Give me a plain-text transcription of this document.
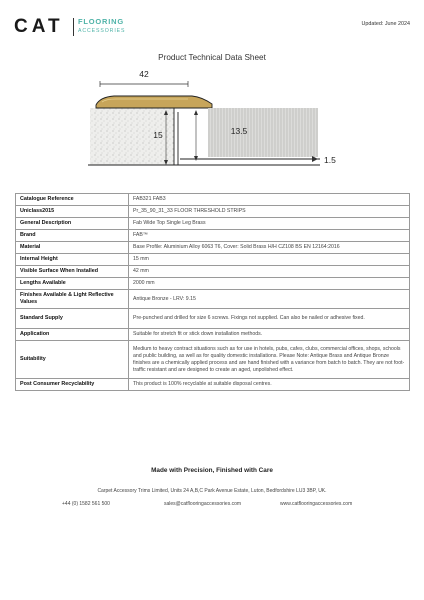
CAT FLOORING
ACCESSORIES
Updated: June 2024
Product Technical Data Sheet
42
15	13.5
1.5
Catalogue Reference	FAB321 FAB3
Uniclass2015	Pr_35_90_31_33 FLOOR THRESHOLD STRIPS
General Description	Fab Wide Top Single Leg Brass
Brand	FAB™
Material	Base Profile: Aluminium Alloy 6063 T6, Cover: Solid Brass H/H CZ108 BS EN 12164:2016
Internal Height	15 mm
Visible Surface When Installed	42 mm
Lengths Available	2000 mm
Finishes Available & Light Reflective Values	Antique Bronze - LRV: 9.15
Standard Supply	Pre-punched and drilled for size 6 screws. Fixings not supplied. Can also be nailed or adhesive fixed.
Application	Suitable for stretch fit or stick down installation methods.
Suitability	Medium to heavy contract situations such as for use in hotels, pubs, cafes, clubs, commercial offices, shops, schools and public building, as well as for quality domestic installations. Please Note: Antique Brass and Antique Bronze finishes are a chemically applied process and are hand finished with a variance from batch to batch. They are not foot-traffic resistant and are designed to create an aged, unpolished effect.
Post Consumer Recyclability	This product is 100% recyclable at suitable disposal centres.
Made with Precision, Finished with Care
Carpet Accessory Trims Limited, Units 24 A,B,C Park Avenue Estate, Luton, Bedfordshire LU3 3BP, UK.
+44 (0) 1582 561 500	sales@catflooringaccessories.com	www.catflooringaccessories.com
